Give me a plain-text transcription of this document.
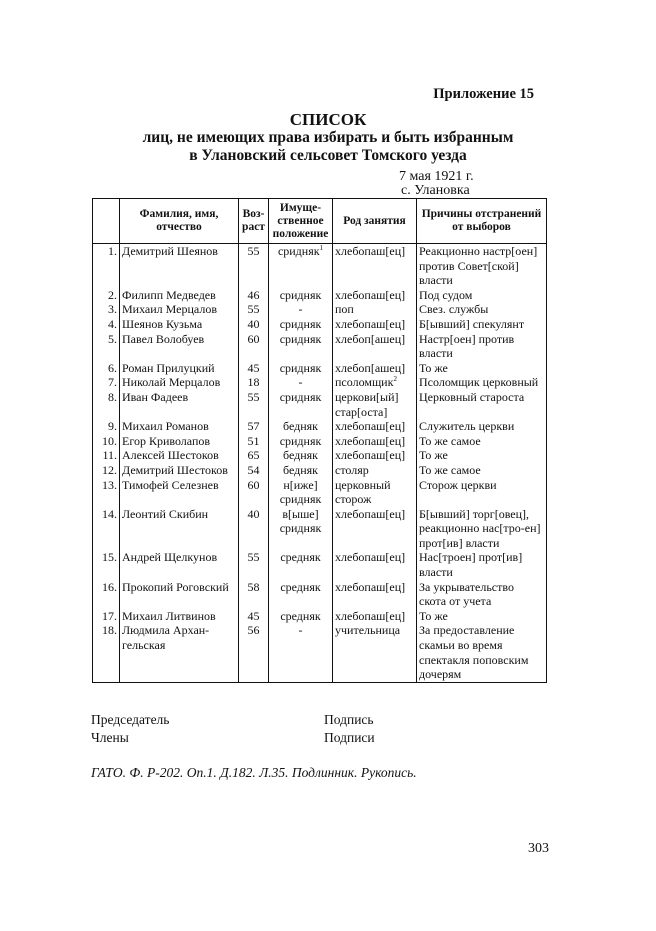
Приложение 15
СПИСОК
лиц, не имеющих права избирать и быть избранным
в Улановский сельсовет Томского уезда
7 мая 1921 г.
с. Улановка
	Фамилия, имя, отчество	Воз-раст	Имуще-ственное положение	Род занятия	Причины отстранений от выборов
1.	Демитрий Шеянов	55	сридняк$^1$	хлебопаш[ец]	Реакционно настр[оен] против Совет[ской] власти
2.	Филипп Медведев	46	сридняк	хлебопаш[ец]	Под судом
3.	Михаил Мерцалов	55	-	поп	Свез. службы
4.	Шеянов Кузьма	40	сридняк	хлебопаш[ец]	Б[ывший] спекулянт
5.	Павел Волобуев	60	сридняк	хлебоп[ашец]	Настр[оен] против власти
6.	Роман Прилуцкий	45	сридняк	хлебоп[ашец]	То же
7.	Николай Мерцалов	18	-	псоломщик$^2$	Псоломщик церковный
8.	Иван Фадеев	55	сридняк	церкови[ый] стар[оста]	Церковный староста
9.	Михаил Романов	57	бедняк	хлебопаш[ец]	Служитель церкви
10.	Егор Криволапов	51	сридняк	хлебопаш[ец]	То же самое
11.	Алексей Шестоков	65	бедняк	хлебопаш[ец]	То же
12.	Демитрий Шестоков	54	бедняк	столяр	То же самое
13.	Тимофей Селезнев	60	н[иже] сридняк	церковный сторож	Сторож церкви
14.	Леонтий Скибин	40	в[ыше] сридняк	хлебопаш[ец]	Б[ывший] торг[овец], реакционно нас[тро-ен] прот[ив] власти
15.	Андрей Щелкунов	55	средняк	хлебопаш[ец]	Нас[троен] прот[ив] власти
16.	Прокопий Роговский	58	средняк	хлебопаш[ец]	За укрывательство скота от учета
17.	Михаил Литвинов	45	средняк	хлебопаш[ец]	То же
18.	Людмила Архан-гельская	56	-	учительница	За предоставление скамьи во время спектакля поповским дочерям
Председатель
Члены
Подпись
Подписи
ГАТО. Ф. Р-202. Оп.1. Д.182. Л.35. Подлинник. Рукопись.
303
